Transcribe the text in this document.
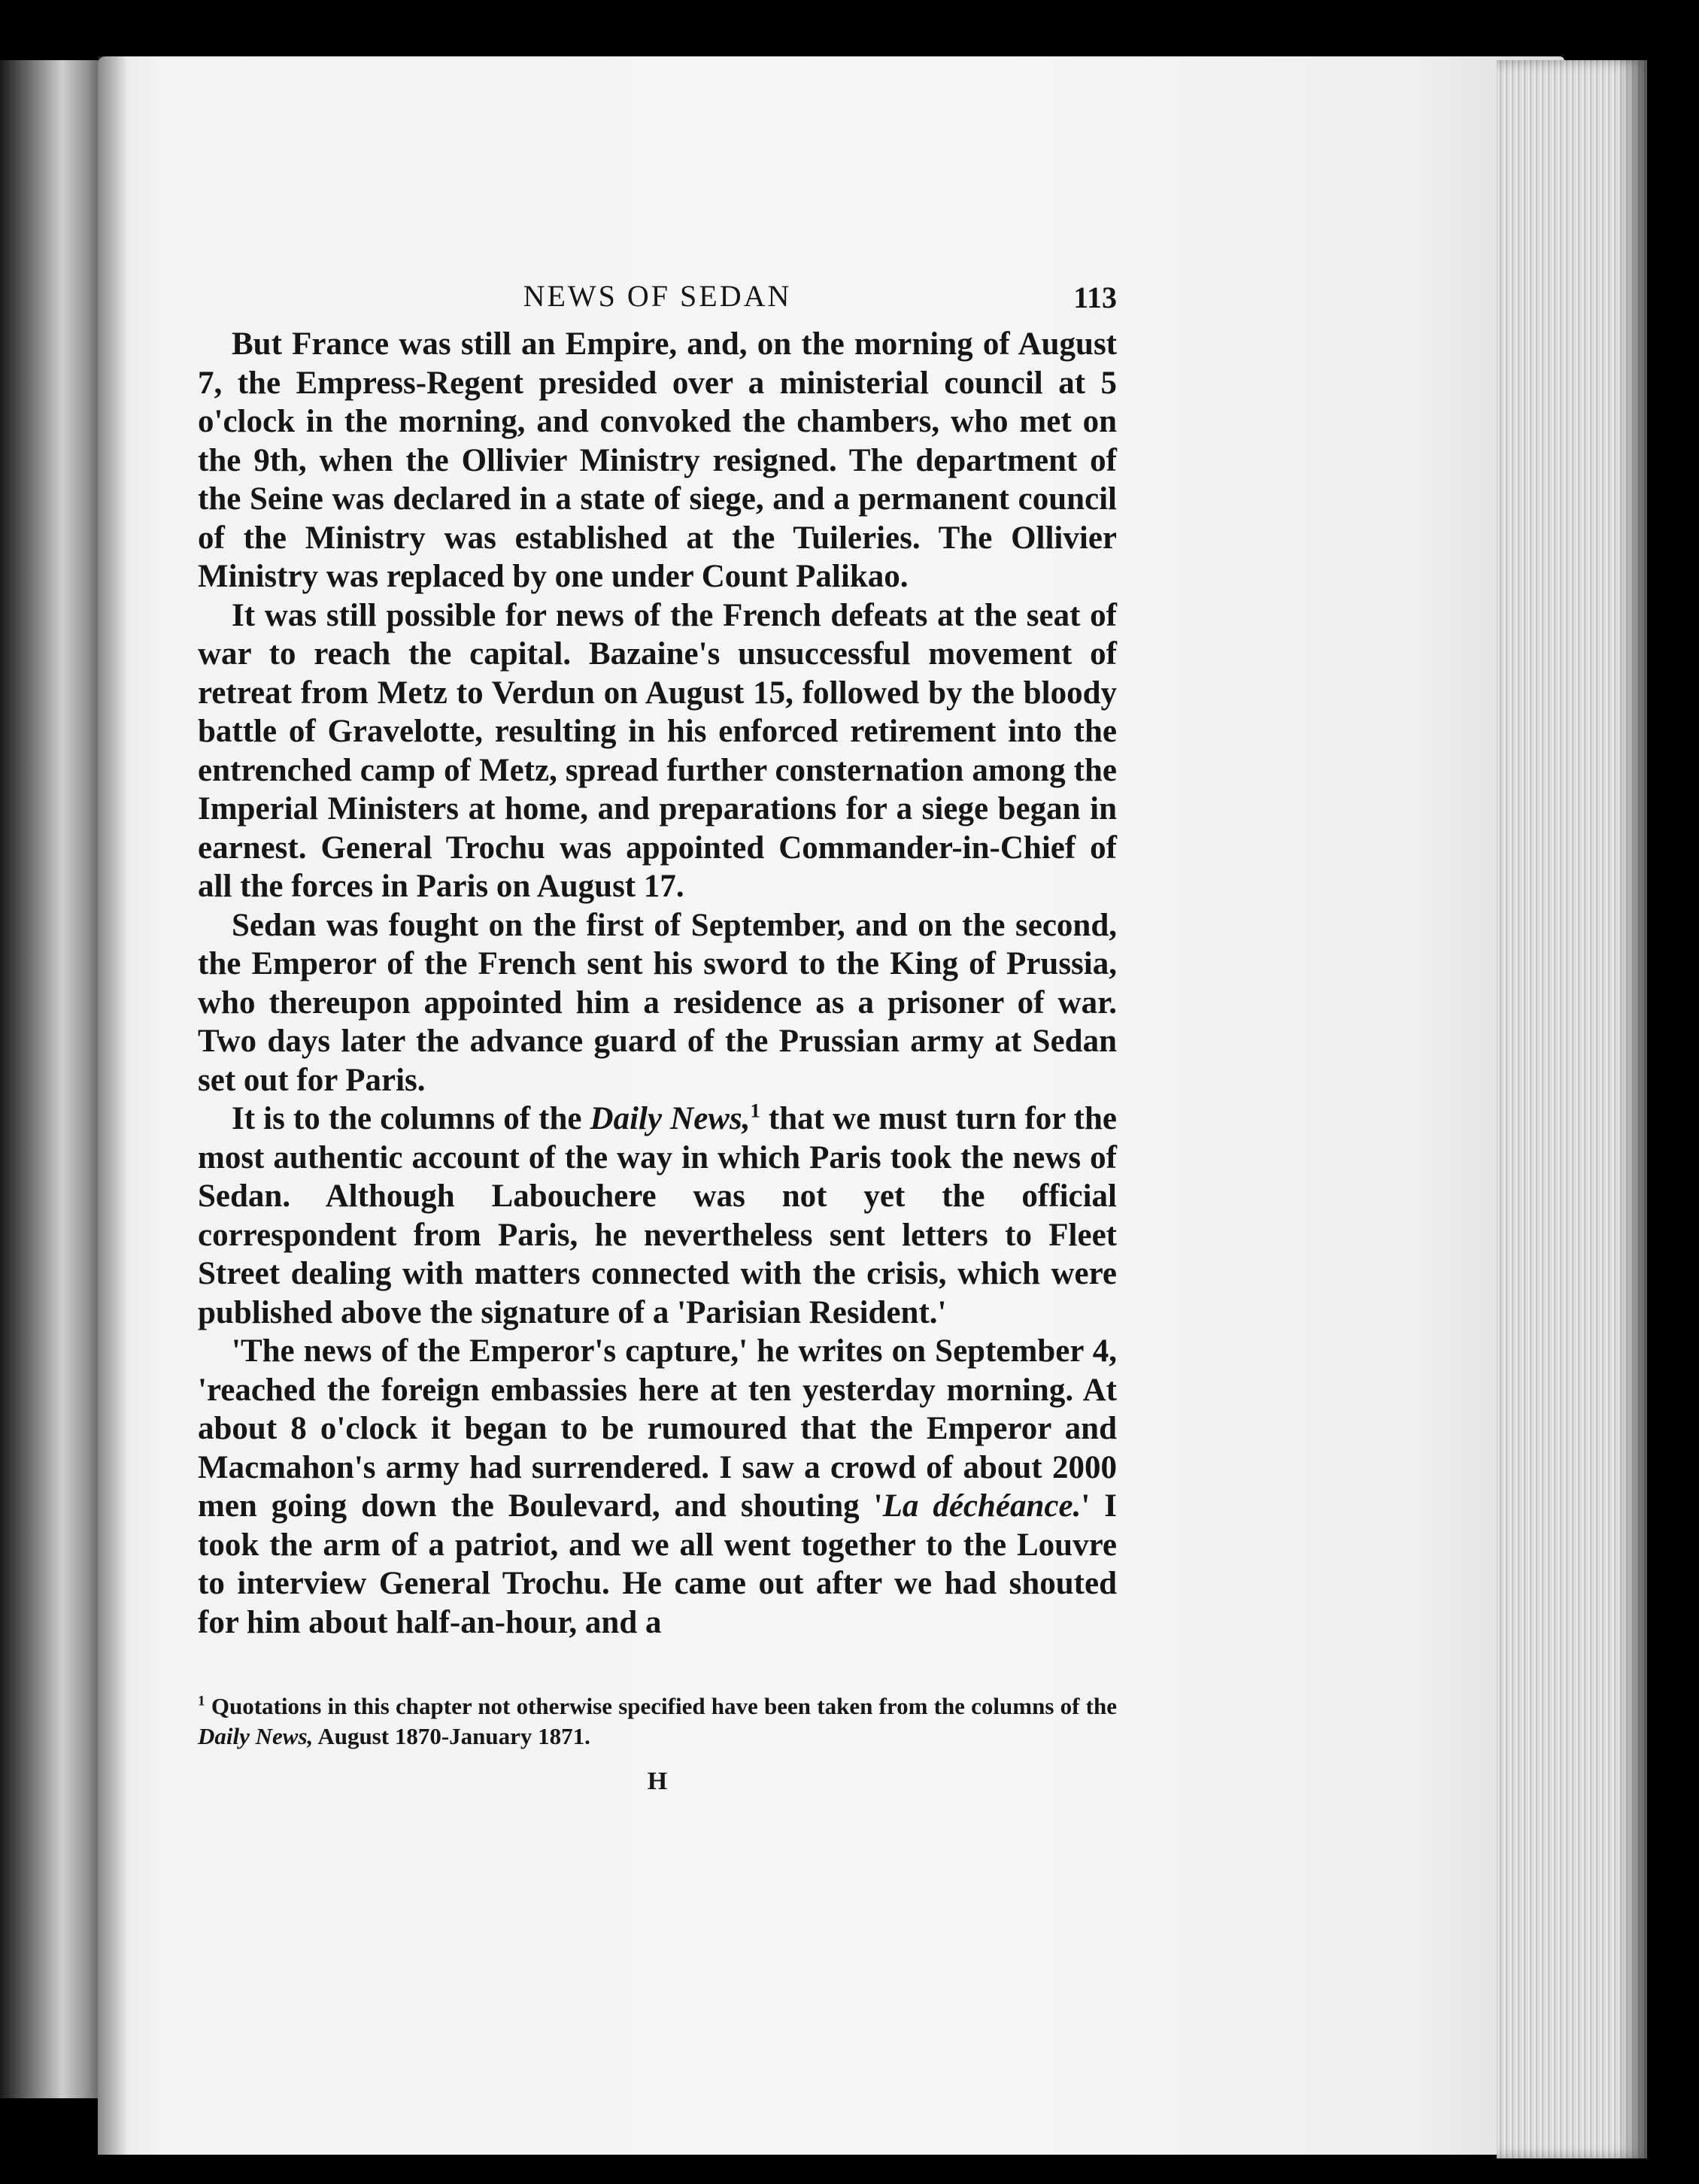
NEWS OF SEDAN	113

But France was still an Empire, and, on the morning of August 7, the Empress-Regent presided over a ministerial council at 5 o'clock in the morning, and convoked the chambers, who met on the 9th, when the Ollivier Ministry resigned. The department of the Seine was declared in a state of siege, and a permanent council of the Ministry was established at the Tuileries. The Ollivier Ministry was replaced by one under Count Palikao.

It was still possible for news of the French defeats at the seat of war to reach the capital. Bazaine's unsuccessful movement of retreat from Metz to Verdun on August 15, followed by the bloody battle of Gravelotte, resulting in his enforced retirement into the entrenched camp of Metz, spread further consternation among the Imperial Ministers at home, and preparations for a siege began in earnest. General Trochu was appointed Commander-in-Chief of all the forces in Paris on August 17.

Sedan was fought on the first of September, and on the second, the Emperor of the French sent his sword to the King of Prussia, who thereupon appointed him a residence as a prisoner of war. Two days later the advance guard of the Prussian army at Sedan set out for Paris.

It is to the columns of the Daily News,$^1$ that we must turn for the most authentic account of the way in which Paris took the news of Sedan. Although Labouchere was not yet the official correspondent from Paris, he nevertheless sent letters to Fleet Street dealing with matters connected with the crisis, which were published above the signature of a 'Parisian Resident.'

'The news of the Emperor's capture,' he writes on September 4, 'reached the foreign embassies here at ten yesterday morning. At about 8 o'clock it began to be rumoured that the Emperor and Macmahon's army had surrendered. I saw a crowd of about 2000 men going down the Boulevard, and shouting 'La déchéance.' I took the arm of a patriot, and we all went together to the Louvre to interview General Trochu. He came out after we had shouted for him about half-an-hour, and a

$^1$ Quotations in this chapter not otherwise specified have been taken from the columns of the Daily News, August 1870-January 1871.
H
